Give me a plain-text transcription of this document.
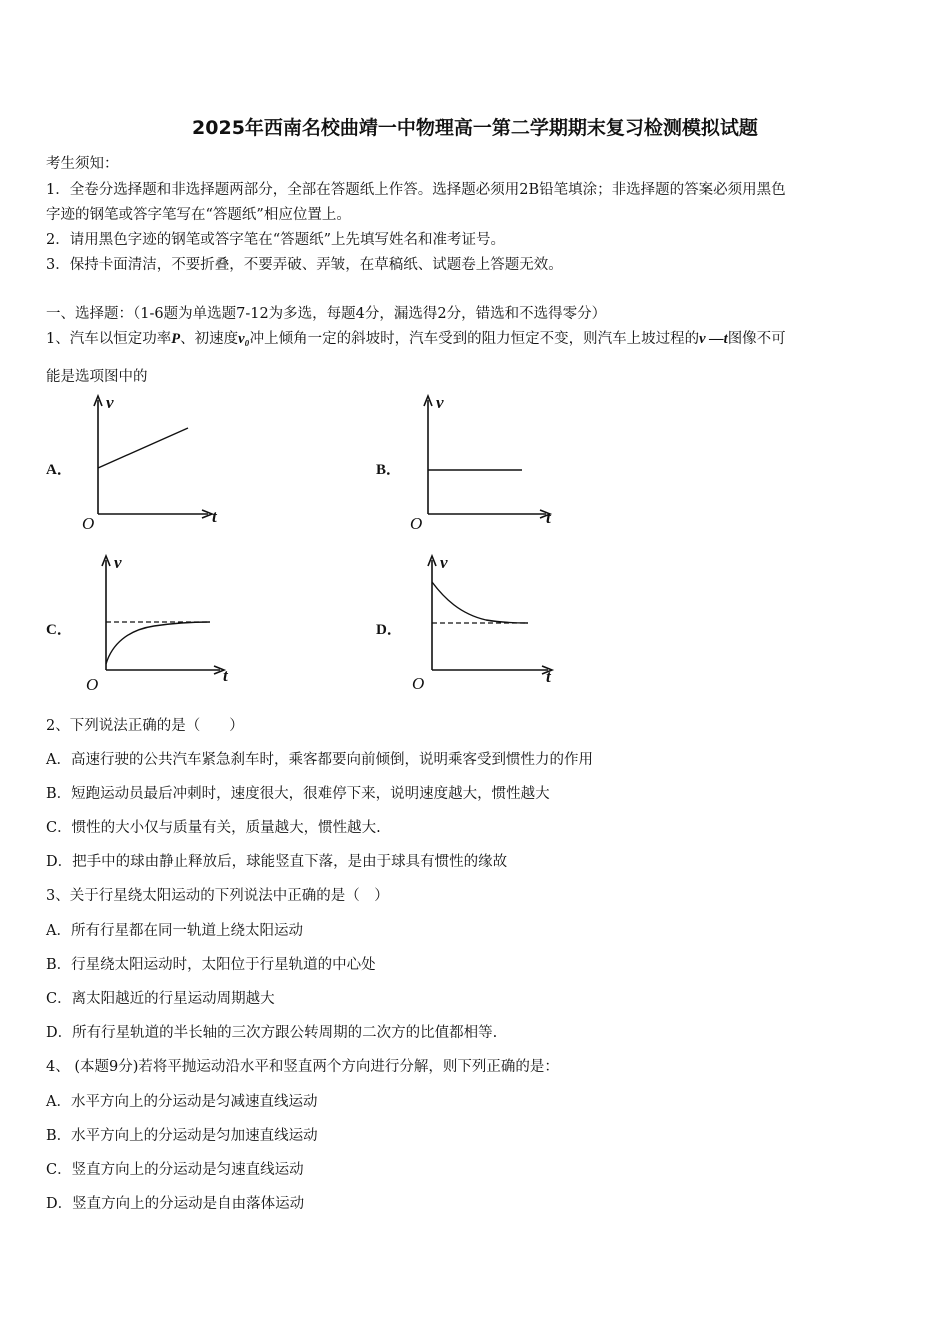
2025年西南名校曲靖一中物理高一第二学期期末复习检测模拟试题
考生须知：
1．全卷分选择题和非选择题两部分，全部在答题纸上作答。选择题必须用2B铅笔填涂；非选择题的答案必须用黑色
字迹的钢笔或答字笔写在“答题纸”相应位置上。
2．请用黑色字迹的钢笔或答字笔在“答题纸”上先填写姓名和准考证号。
3．保持卡面清洁，不要折叠，不要弄破、弄皱，在草稿纸、试题卷上答题无效。
一、选择题：（1-6题为单选题7-12为多选，每题4分，漏选得2分，错选和不选得零分）
1、汽车以恒定功率P、初速度v₀冲上倾角一定的斜坡时，汽车受到的阻力恒定不变，则汽车上坡过程的v —t图像不可
能是选项图中的
A．	B．
C．	D．
v
t
O
v
t
O
v
t
O
v
t
O
2、下列说法正确的是（　　）
A．高速行驶的公共汽车紧急刹车时，乘客都要向前倾倒，说明乘客受到惯性力的作用
B．短跑运动员最后冲刺时，速度很大，很难停下来，说明速度越大，惯性越大
C．惯性的大小仅与质量有关，质量越大，惯性越大.
D．把手中的球由静止释放后，球能竖直下落，是由于球具有惯性的缘故
3、关于行星绕太阳运动的下列说法中正确的是（　）
A．所有行星都在同一轨道上绕太阳运动
B．行星绕太阳运动时，太阳位于行星轨道的中心处
C．离太阳越近的行星运动周期越大
D．所有行星轨道的半长轴的三次方跟公转周期的二次方的比值都相等.
4、 (本题9分)若将平抛运动沿水平和竖直两个方向进行分解，则下列正确的是：
A．水平方向上的分运动是匀减速直线运动
B．水平方向上的分运动是匀加速直线运动
C．竖直方向上的分运动是匀速直线运动
D．竖直方向上的分运动是自由落体运动
